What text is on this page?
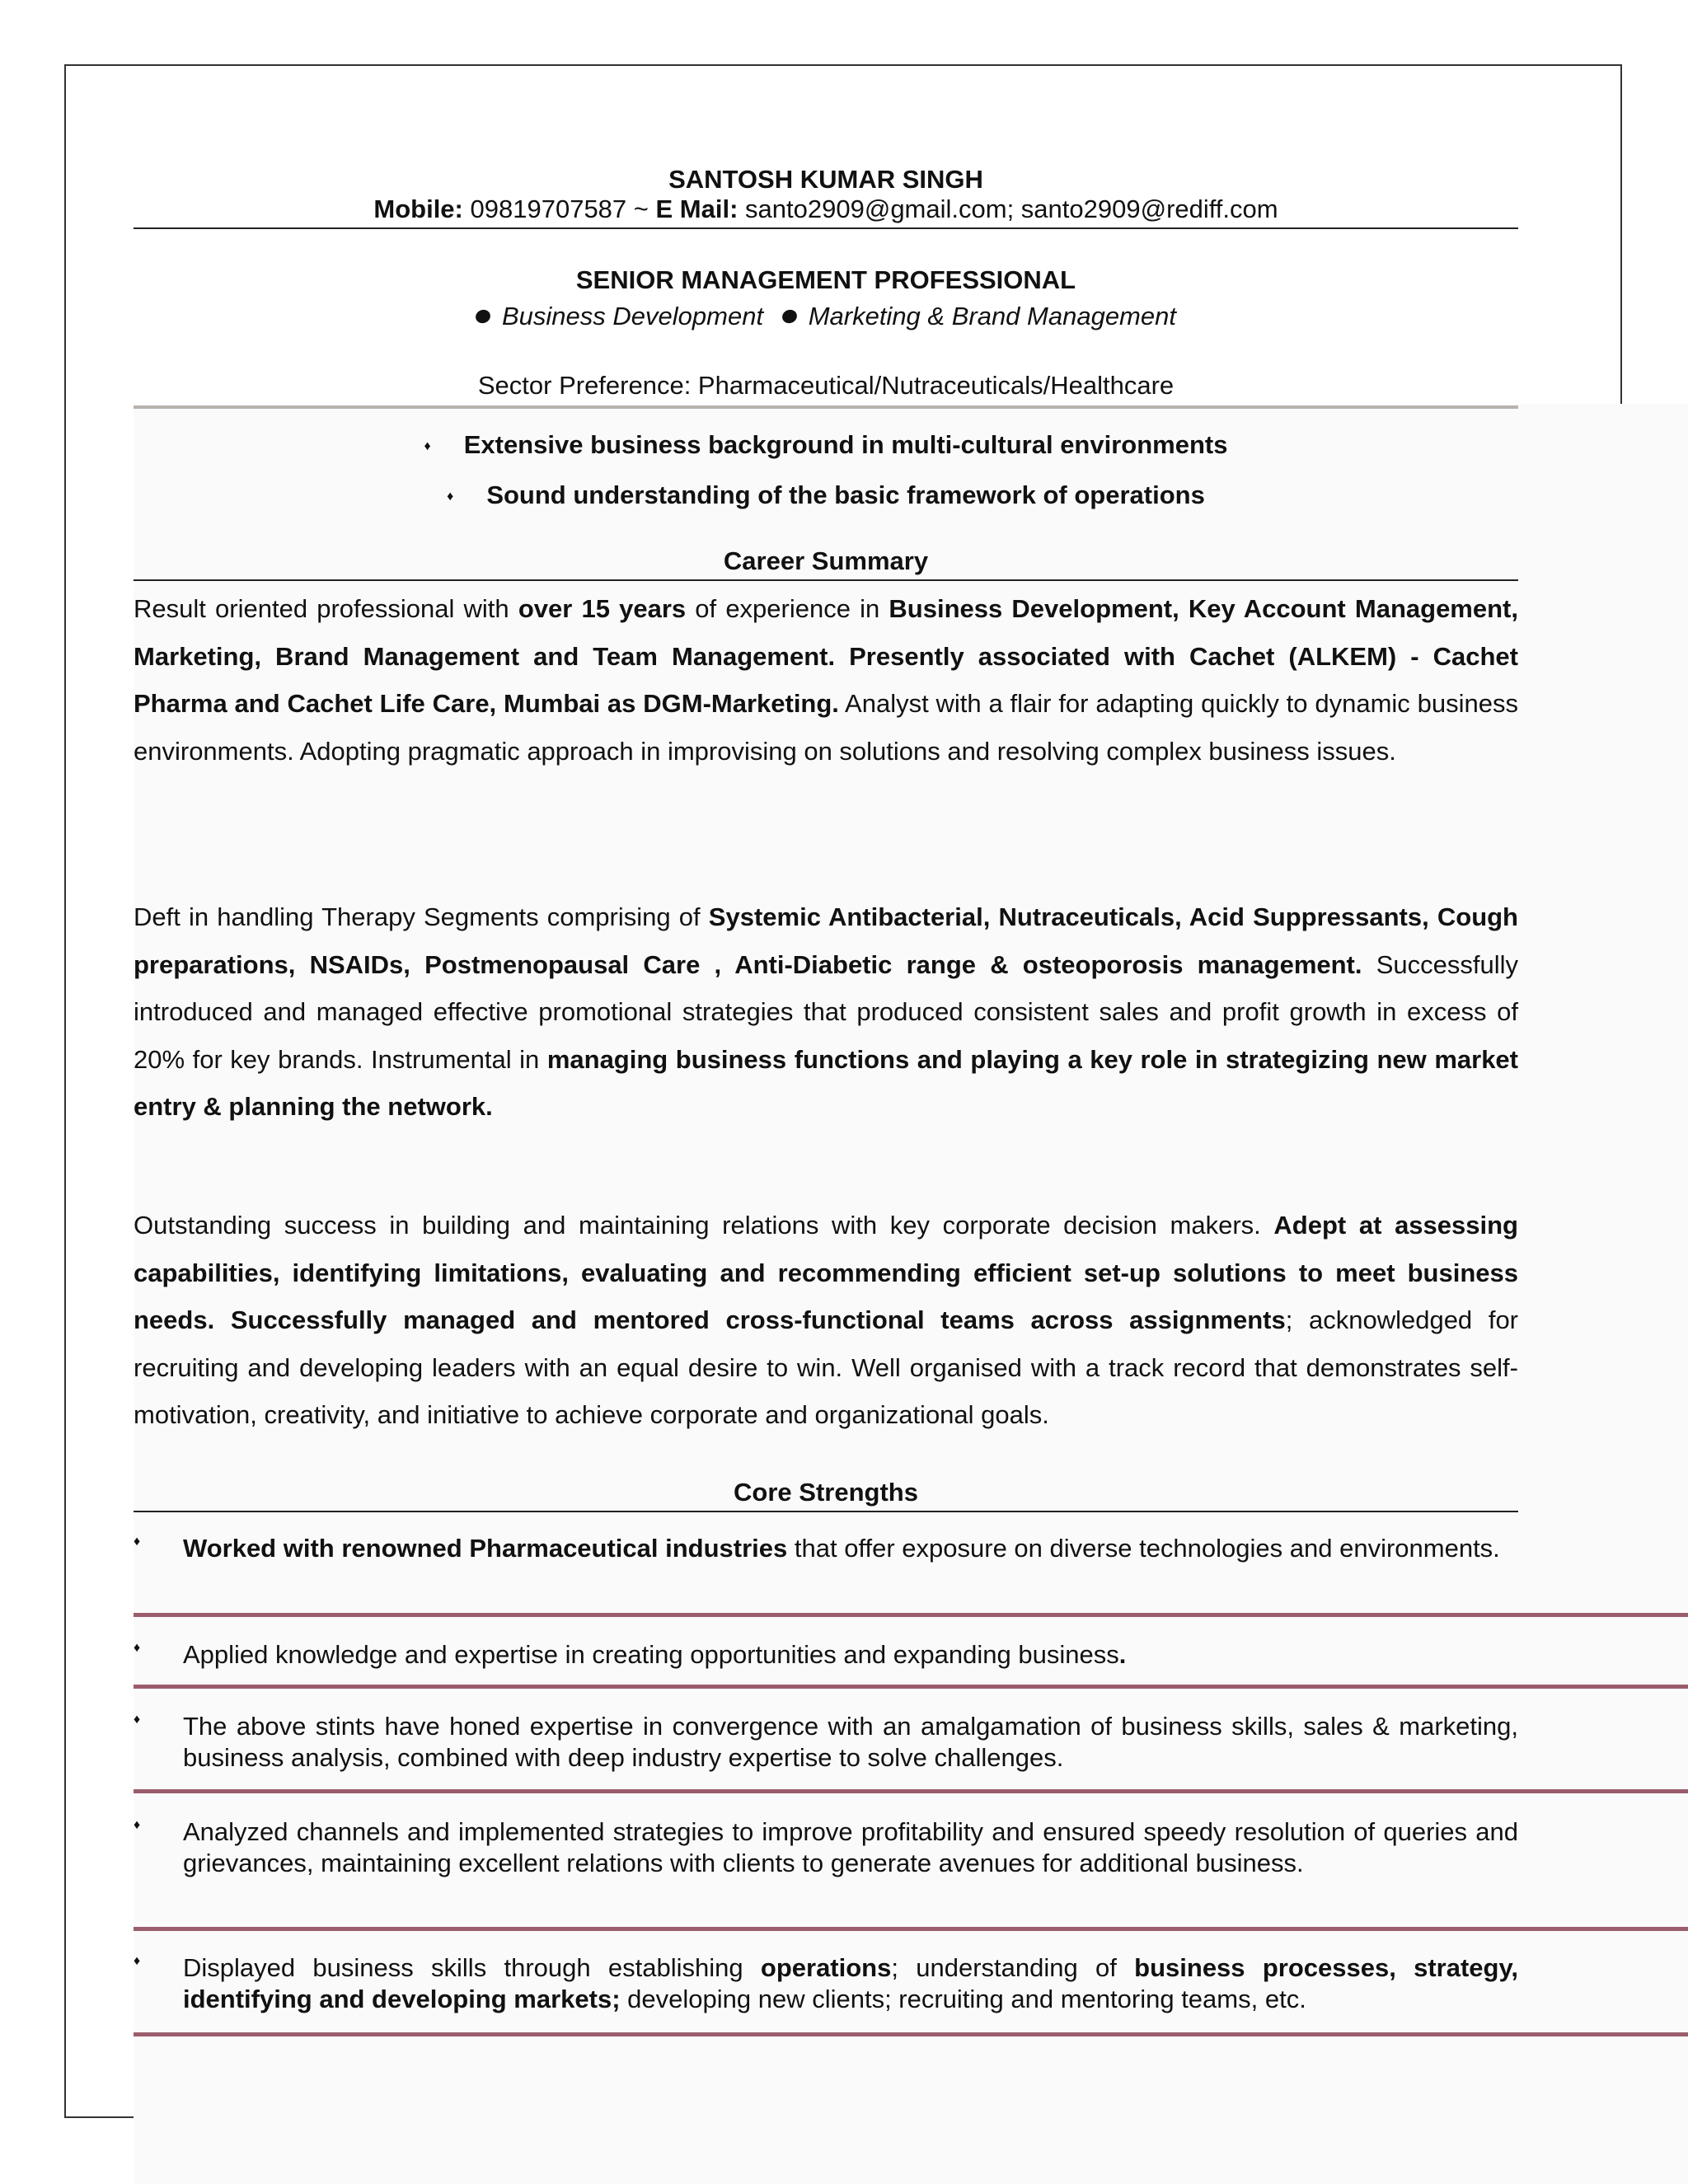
SANTOSH KUMAR SINGH
Mobile: 09819707587 ~ E Mail: santo2909@gmail.com; santo2909@rediff.com
SENIOR MANAGEMENT PROFESSIONAL
Business Development Marketing & Brand Management
Sector Preference: Pharmaceutical/Nutraceuticals/Healthcare
♦ Extensive business background in multi-cultural environments
♦ Sound understanding of the basic framework of operations
Career Summary

Result oriented professional with over 15 years of experience in Business Development, Key Account Management, Marketing, Brand Management and Team Management. Presently associated with Cachet (ALKEM) - Cachet Pharma and Cachet Life Care, Mumbai as DGM-Marketing. Analyst with a flair for adapting quickly to dynamic business environments. Adopting pragmatic approach in improvising on solutions and resolving complex business issues.

Deft in handling Therapy Segments comprising of Systemic Antibacterial, Nutraceuticals, Acid Suppressants, Cough preparations, NSAIDs, Postmenopausal Care , Anti-Diabetic range & osteoporosis management. Successfully introduced and managed effective promotional strategies that produced consistent sales and profit growth in excess of 20% for key brands. Instrumental in managing business functions and playing a key role in strategizing new market entry & planning the network.

Outstanding success in building and maintaining relations with key corporate decision makers. Adept at assessing capabilities, identifying limitations, evaluating and recommending efficient set-up solutions to meet business needs. Successfully managed and mentored cross-functional teams across assignments; acknowledged for recruiting and developing leaders with an equal desire to win. Well organised with a track record that demonstrates self-motivation, creativity, and initiative to achieve corporate and organizational goals.

Core Strengths
♦ Worked with renowned Pharmaceutical industries that offer exposure on diverse technologies and environments.
♦ Applied knowledge and expertise in creating opportunities and expanding business.
♦ The above stints have honed expertise in convergence with an amalgamation of business skills, sales & marketing, business analysis, combined with deep industry expertise to solve challenges.
♦ Analyzed channels and implemented strategies to improve profitability and ensured speedy resolution of queries and grievances, maintaining excellent relations with clients to generate avenues for additional business.
♦ Displayed business skills through establishing operations; understanding of business processes, strategy, identifying and developing markets; developing new clients; recruiting and mentoring teams, etc.
